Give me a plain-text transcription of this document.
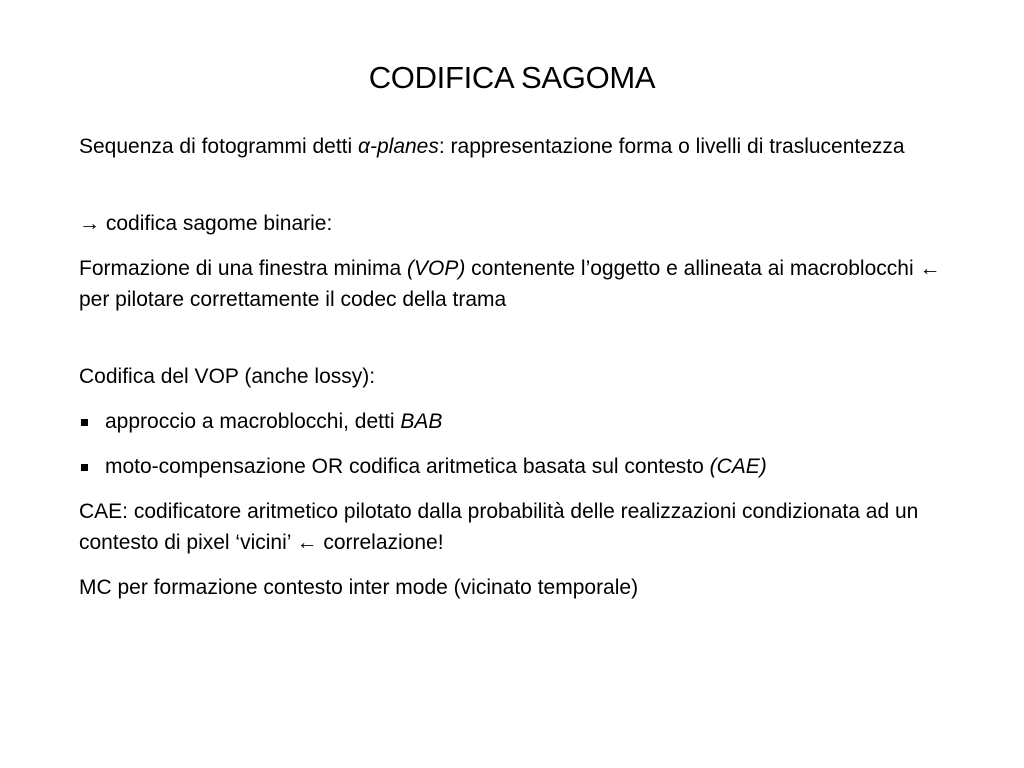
CODIFICA SAGOMA

Sequenza di fotogrammi detti α-planes: rappresentazione forma o livelli di traslucentezza

→ codifica sagome binarie:

Formazione di una finestra minima (VOP) contenente l’oggetto e allineata ai macroblocchi ← per pilotare correttamente il codec della trama

Codifica del VOP (anche lossy):

approccio a macroblocchi, detti BAB
moto-compensazione OR codifica aritmetica basata sul contesto (CAE)

CAE: codificatore aritmetico pilotato dalla probabilità delle realizzazioni condizionata ad un contesto di pixel ‘vicini’ ← correlazione!

MC per formazione contesto inter mode (vicinato temporale)
